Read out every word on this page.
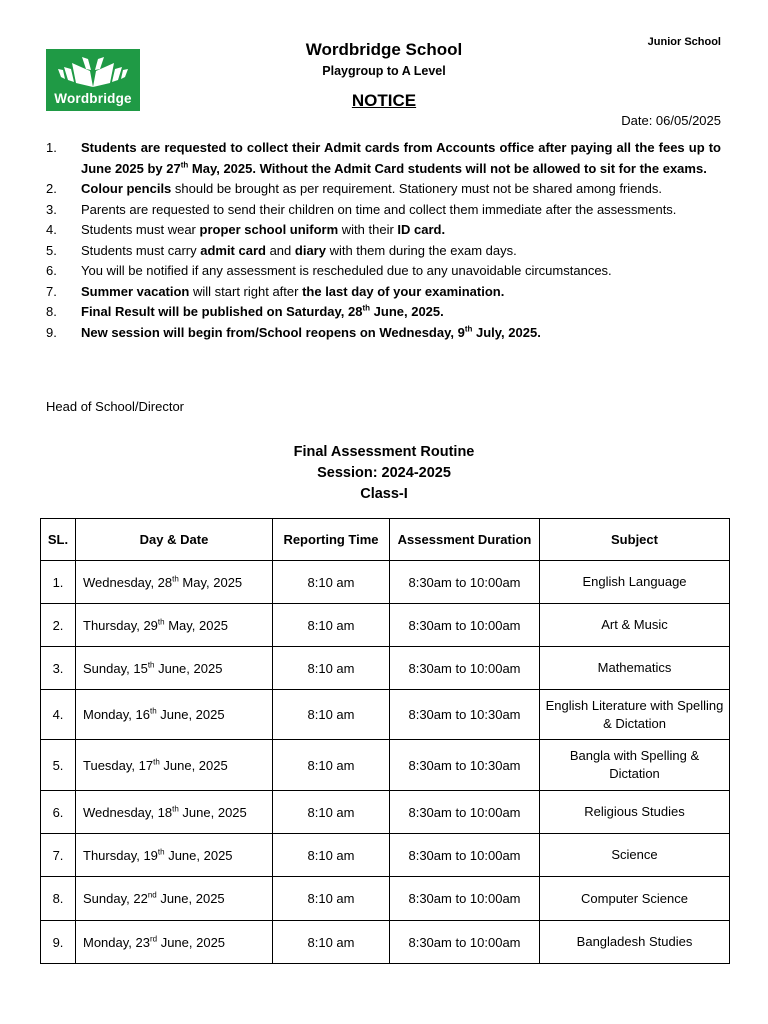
Wordbridge
Junior School
Wordbridge School
Playgroup to A Level
NOTICE
Date: 06/05/2025
1. Students are requested to collect their Admit cards from Accounts office after paying all the fees up to June 2025 by 27th May, 2025. Without the Admit Card students will not be allowed to sit for the exams.
2. Colour pencils should be brought as per requirement. Stationery must not be shared among friends.
3. Parents are requested to send their children on time and collect them immediate after the assessments.
4. Students must wear proper school uniform with their ID card.
5. Students must carry admit card and diary with them during the exam days.
6. You will be notified if any assessment is rescheduled due to any unavoidable circumstances.
7. Summer vacation will start right after the last day of your examination.
8. Final Result will be published on Saturday, 28th June, 2025.
9. New session will begin from/School reopens on Wednesday, 9th July, 2025.
Head of School/Director
Final Assessment Routine
Session: 2024-2025
Class-I
SL.	Day & Date	Reporting Time	Assessment Duration	Subject
1.	Wednesday, 28th May, 2025	8:10 am	8:30am to 10:00am	English Language
2.	Thursday, 29th May, 2025	8:10 am	8:30am to 10:00am	Art & Music
3.	Sunday, 15th June, 2025	8:10 am	8:30am to 10:00am	Mathematics
4.	Monday, 16th June, 2025	8:10 am	8:30am to 10:30am	English Literature with Spelling & Dictation
5.	Tuesday, 17th June, 2025	8:10 am	8:30am to 10:30am	Bangla with Spelling & Dictation
6.	Wednesday, 18th June, 2025	8:10 am	8:30am to 10:00am	Religious Studies
7.	Thursday, 19th June, 2025	8:10 am	8:30am to 10:00am	Science
8.	Sunday, 22nd June, 2025	8:10 am	8:30am to 10:00am	Computer Science
9.	Monday, 23rd June, 2025	8:10 am	8:30am to 10:00am	Bangladesh Studies
